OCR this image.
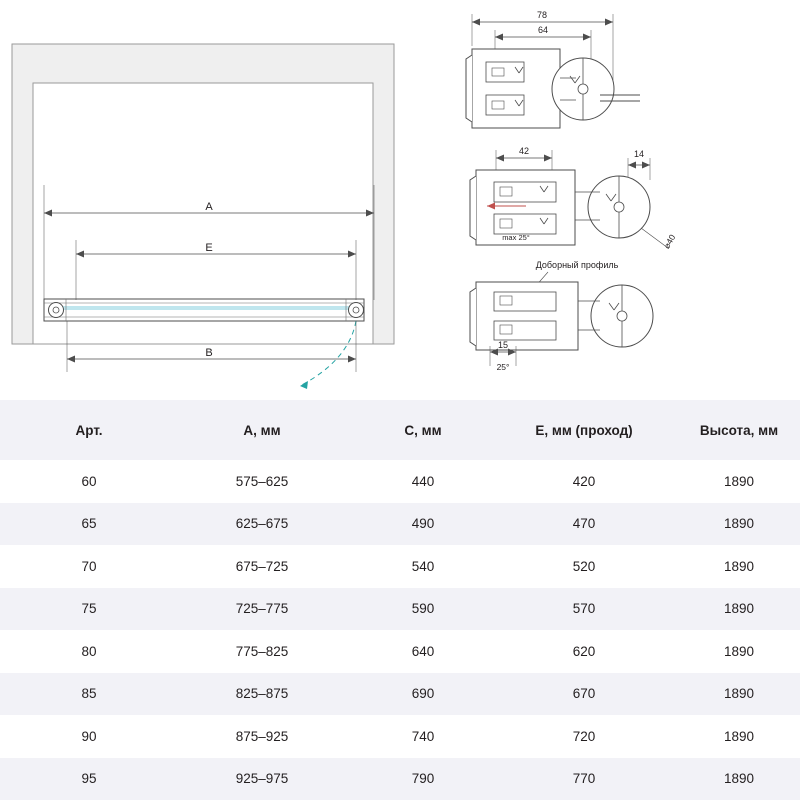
A
E
B
78
64
42	14
max 25°	⌀40
Доборный профиль
15
25°
Арт.	A, мм	C, мм	E, мм (проход)	Высота, мм
60	575–625	440	420	1890
65	625–675	490	470	1890
70	675–725	540	520	1890
75	725–775	590	570	1890
80	775–825	640	620	1890
85	825–875	690	670	1890
90	875–925	740	720	1890
95	925–975	790	770	1890
